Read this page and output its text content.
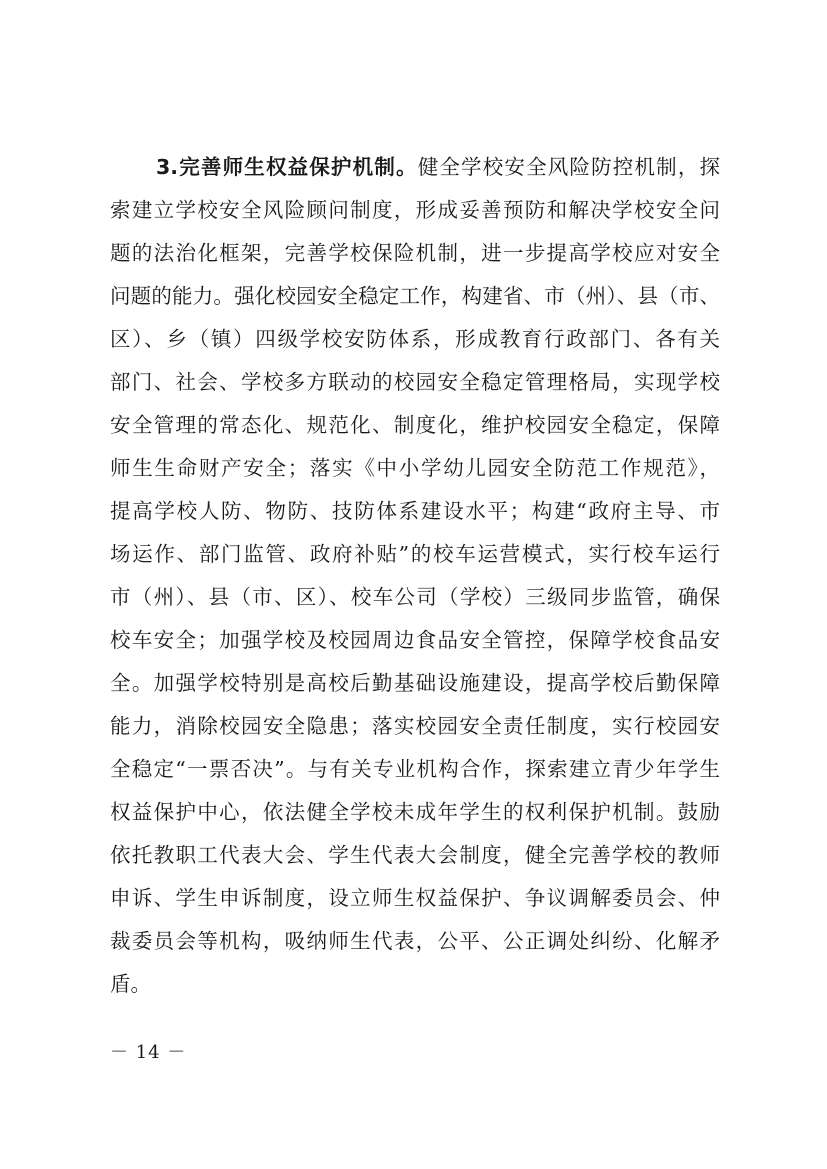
3.完善师生权益保护机制。健全学校安全风险防控机制，探
索建立学校安全风险顾问制度，形成妥善预防和解决学校安全问
题的法治化框架，完善学校保险机制，进一步提高学校应对安全
问题的能力。强化校园安全稳定工作，构建省、市（州）、县（市、
区）、乡（镇）四级学校安防体系，形成教育行政部门、各有关
部门、社会、学校多方联动的校园安全稳定管理格局，实现学校
安全管理的常态化、规范化、制度化，维护校园安全稳定，保障
师生生命财产安全；落实《中小学幼儿园安全防范工作规范》，
提高学校人防、物防、技防体系建设水平；构建“政府主导、市
场运作、部门监管、政府补贴”的校车运营模式，实行校车运行
市（州）、县（市、区）、校车公司（学校）三级同步监管，确保
校车安全；加强学校及校园周边食品安全管控，保障学校食品安
全。加强学校特别是高校后勤基础设施建设，提高学校后勤保障
能力，消除校园安全隐患；落实校园安全责任制度，实行校园安
全稳定“一票否决”。与有关专业机构合作，探索建立青少年学生
权益保护中心，依法健全学校未成年学生的权利保护机制。鼓励
依托教职工代表大会、学生代表大会制度，健全完善学校的教师
申诉、学生申诉制度，设立师生权益保护、争议调解委员会、仲
裁委员会等机构，吸纳师生代表，公平、公正调处纠纷、化解矛
盾。
－ 14 －
